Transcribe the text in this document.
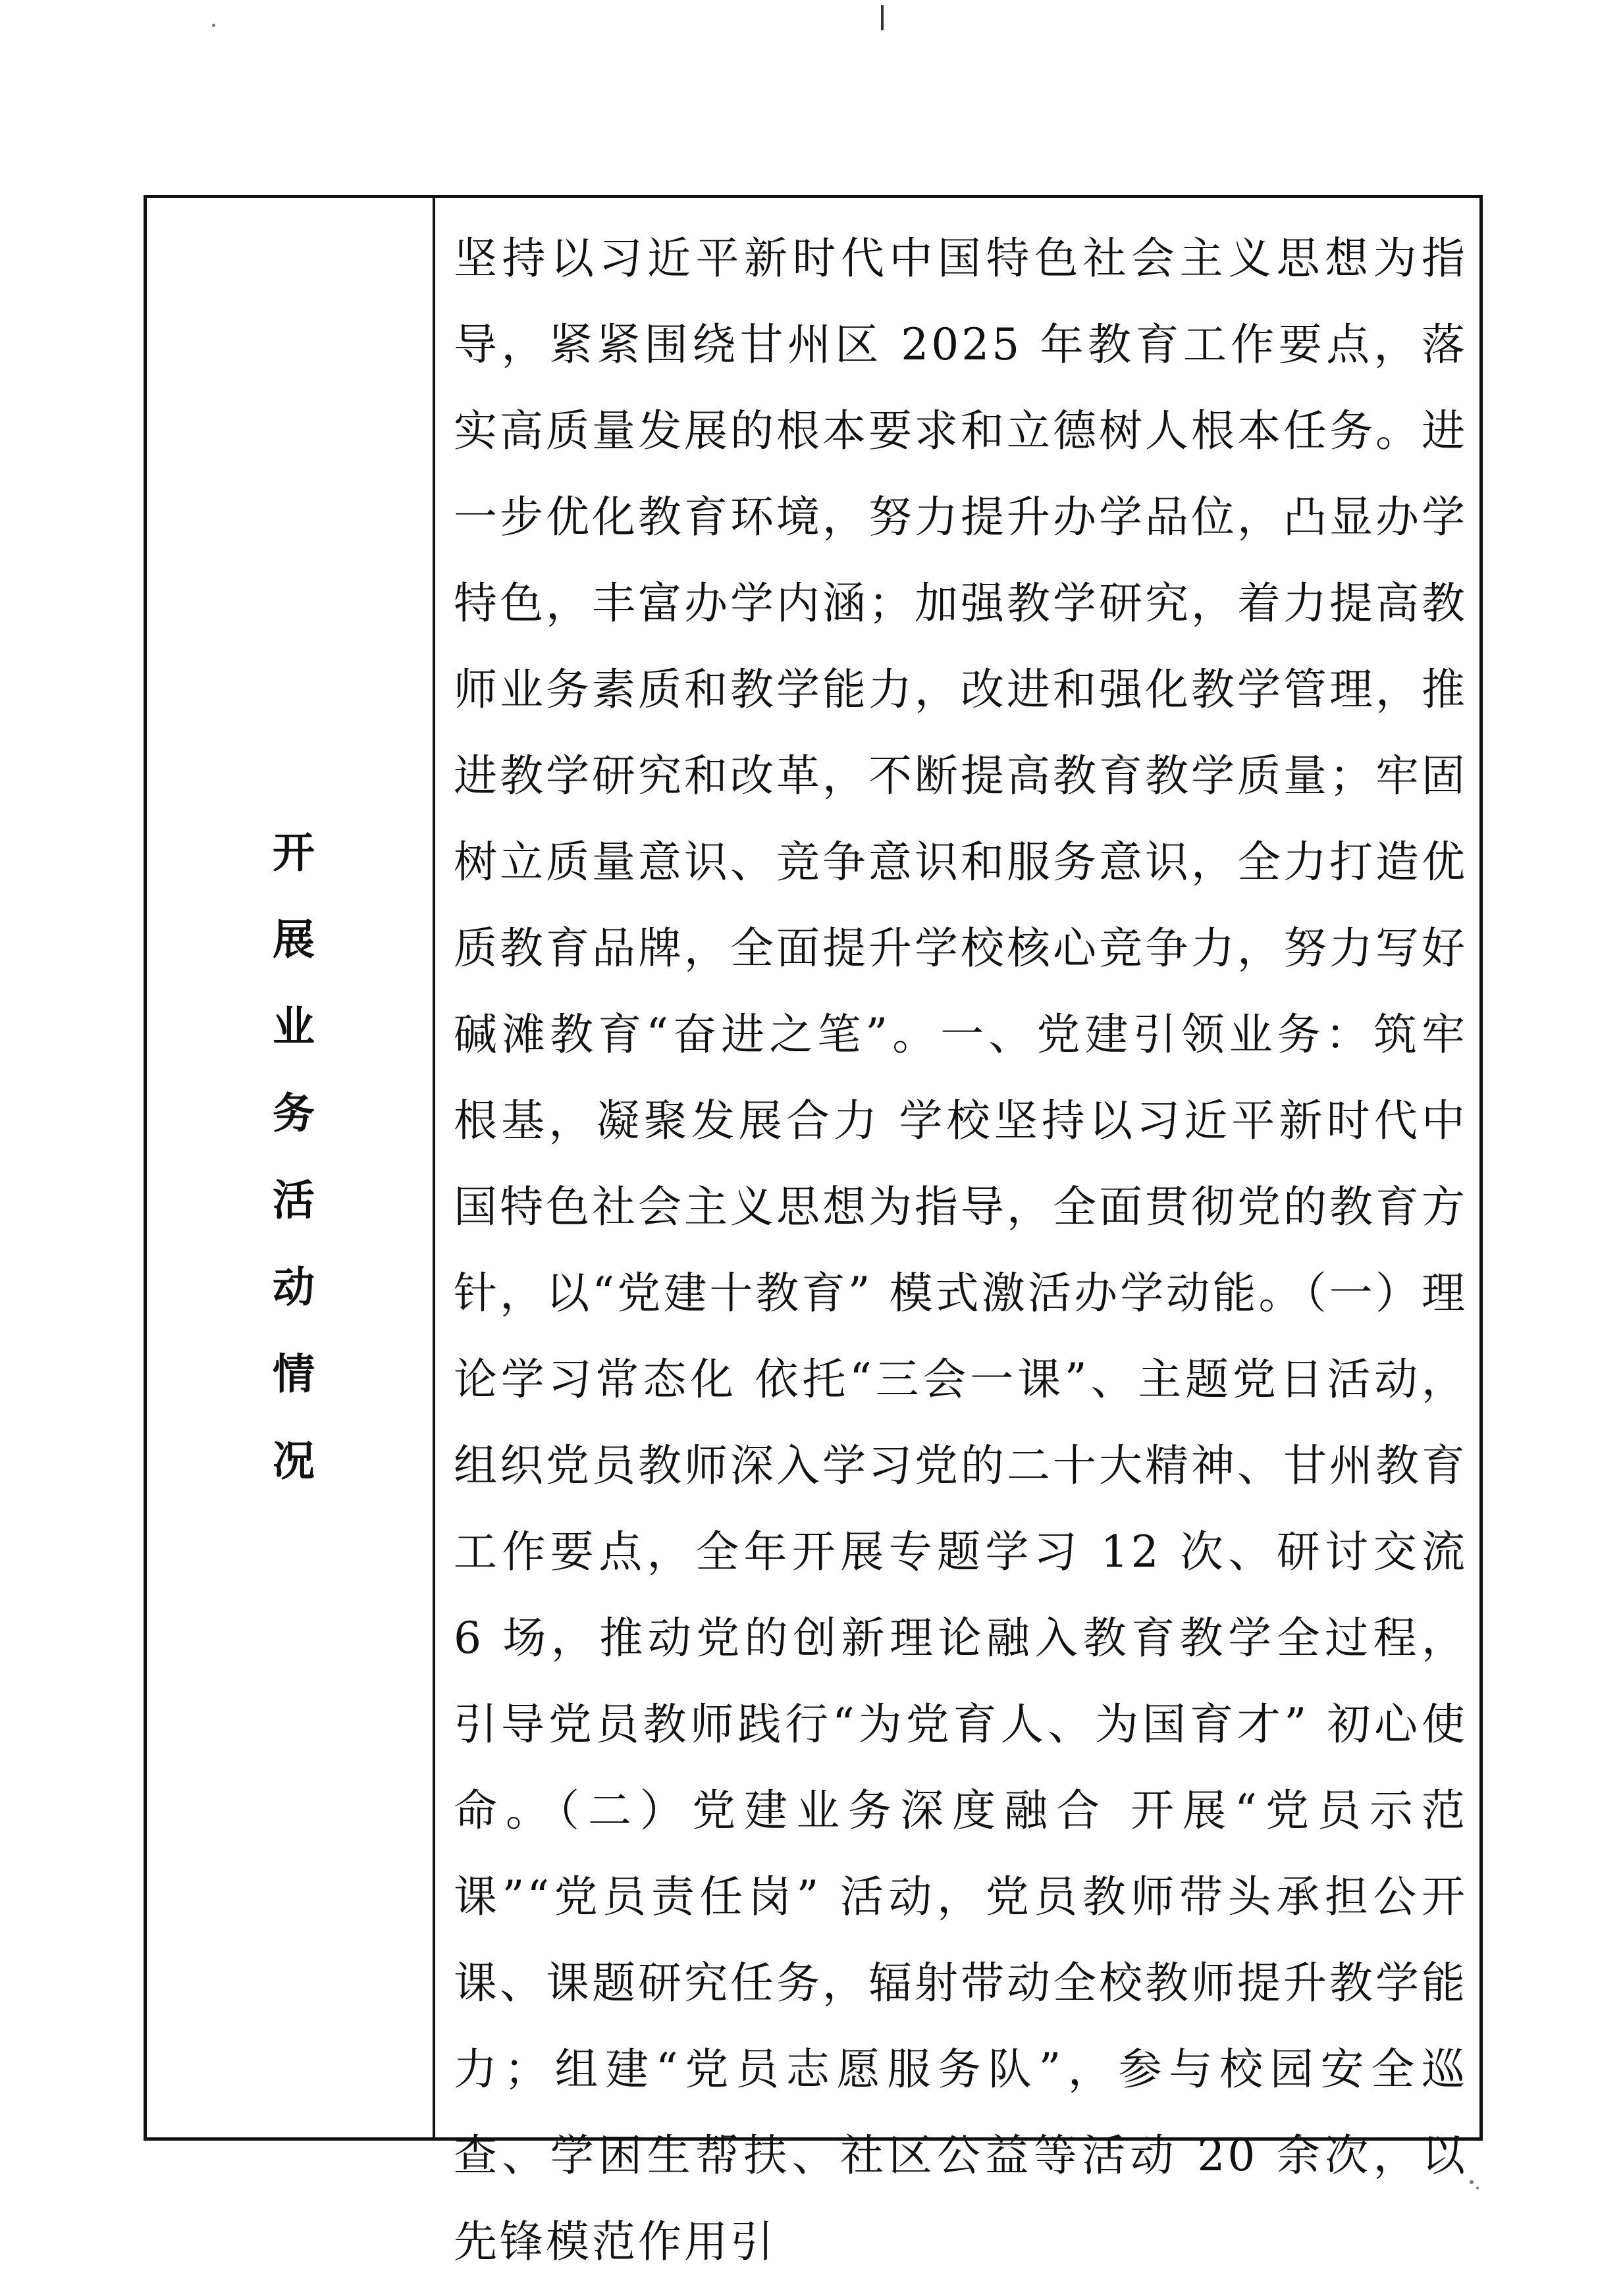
开展业务活动情况

坚持以习近平新时代中国特色社会主义思想为指导，紧紧围绕甘州区 2025 年教育工作要点，落实高质量发展的根本要求和立德树人根本任务。进一步优化教育环境，努力提升办学品位，凸显办学特色，丰富办学内涵；加强教学研究，着力提高教师业务素质和教学能力，改进和强化教学管理，推进教学研究和改革，不断提高教育教学质量；牢固树立质量意识、竞争意识和服务意识，全力打造优质教育品牌，全面提升学校核心竞争力，努力写好碱滩教育“奋进之笔”。一、党建引领业务：筑牢根基，凝聚发展合力 学校坚持以习近平新时代中国特色社会主义思想为指导，全面贯彻党的教育方针，以“党建十教育” 模式激活办学动能。（一）理论学习常态化 依托“三会一课”、主题党日活动，组织党员教师深入学习党的二十大精神、甘州教育工作要点，全年开展专题学习 12 次、研讨交流 6 场，推动党的创新理论融入教育教学全过程，引导党员教师践行“为党育人、为国育才” 初心使命。（二）党建业务深度融合 开展“党员示范课”“党员责任岗” 活动，党员教师带头承担公开课、课题研究任务，辐射带动全校教师提升教学能力；组建“党员志愿服务队”，参与校园安全巡查、学困生帮扶、社区公益等活动 20 余次，以先锋模范作用引
